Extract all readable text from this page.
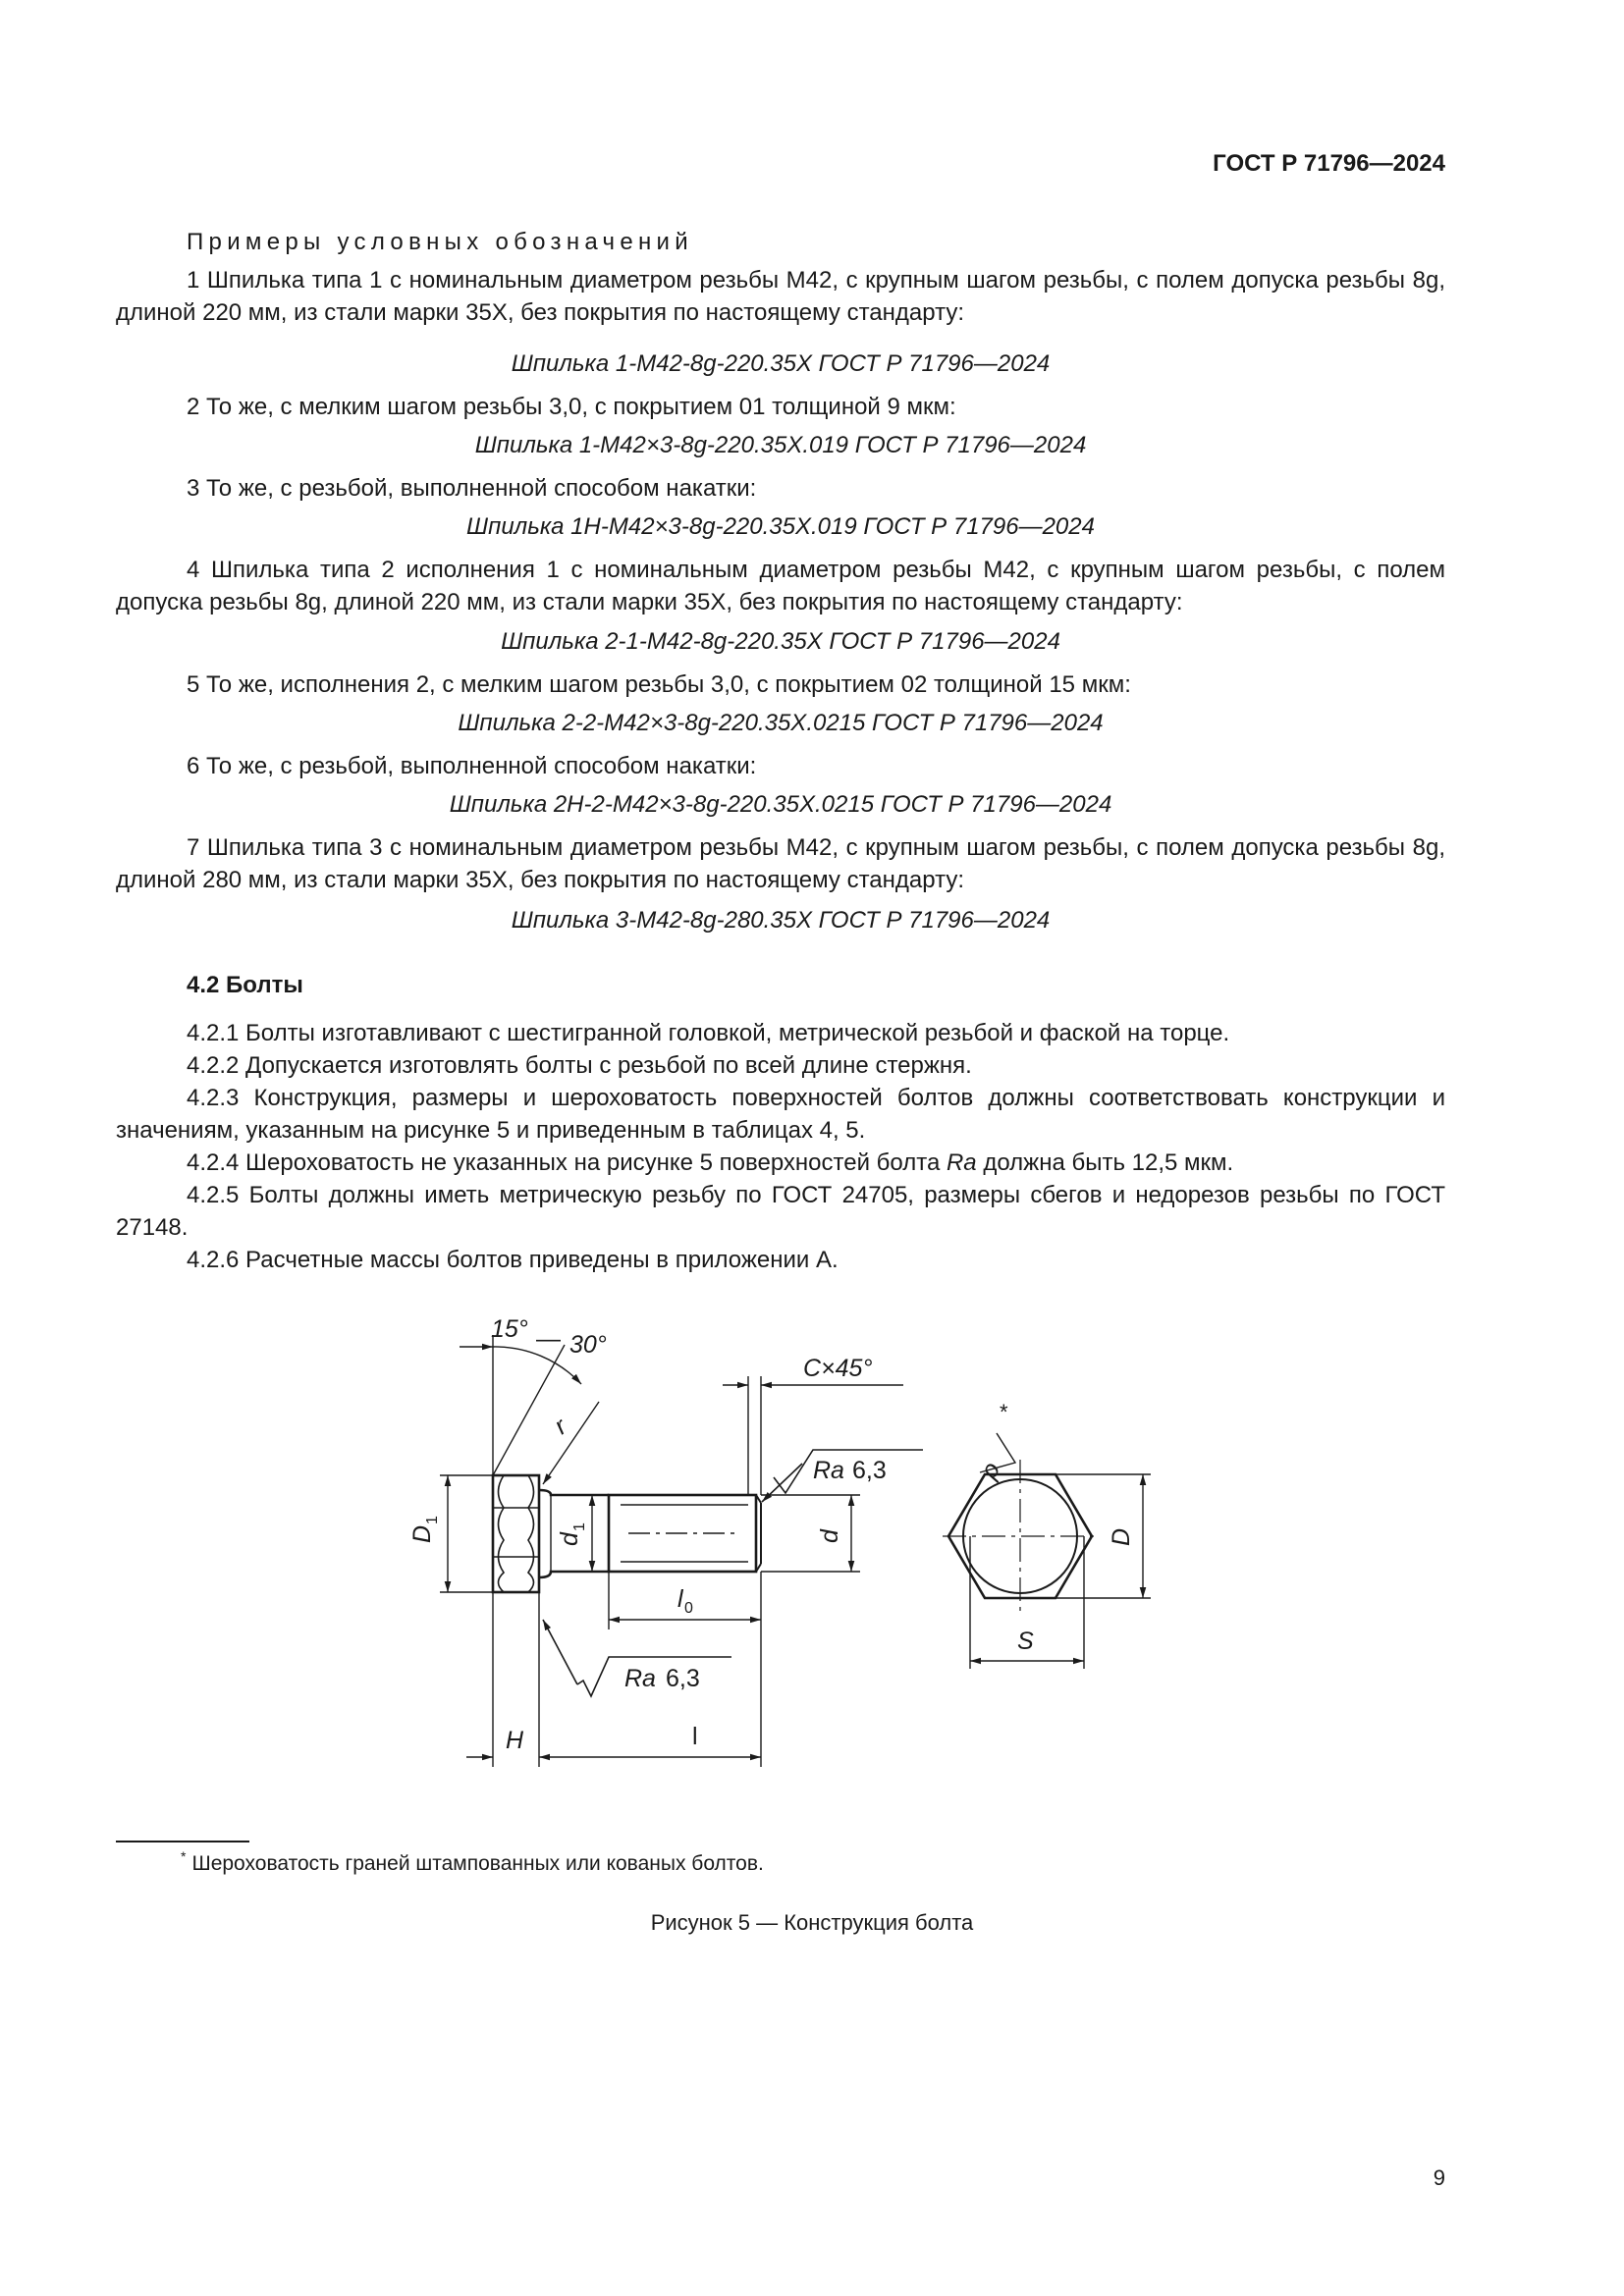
ГОСТ Р 71796—2024
Примеры условных обозначений

1 Шпилька типа 1 с номинальным диаметром резьбы М42, с крупным шагом резьбы, с полем допуска резьбы 8g, длиной 220 мм, из стали марки 35Х, без покрытия по настоящему стандарту:

Шпилька 1-М42-8g-220.35Х ГОСТ Р 71796—2024

2 То же, с мелким шагом резьбы 3,0, с покрытием 01 толщиной 9 мкм:

Шпилька 1-М42×3-8g-220.35Х.019 ГОСТ Р 71796—2024

3 То же, с резьбой, выполненной способом накатки:

Шпилька 1Н-М42×3-8g-220.35Х.019 ГОСТ Р 71796—2024

4 Шпилька типа 2 исполнения 1 с номинальным диаметром резьбы М42, с крупным шагом резьбы, с полем допуска резьбы 8g, длиной 220 мм, из стали марки 35Х, без покрытия по настоящему стандарту:

Шпилька 2-1-М42-8g-220.35Х ГОСТ Р 71796—2024

5 То же, исполнения 2, с мелким шагом резьбы 3,0, с покрытием 02 толщиной 15 мкм:

Шпилька 2-2-М42×3-8g-220.35Х.0215 ГОСТ Р 71796—2024

6 То же, с резьбой, выполненной способом накатки:

Шпилька 2Н-2-М42×3-8g-220.35Х.0215 ГОСТ Р 71796—2024

7 Шпилька типа 3 с номинальным диаметром резьбы М42, с крупным шагом резьбы, с полем допуска резьбы 8g, длиной 280 мм, из стали марки 35Х, без покрытия по настоящему стандарту:

Шпилька 3-М42-8g-280.35Х ГОСТ Р 71796—2024
4.2 Болты

4.2.1 Болты изготавливают с шестигранной головкой, метрической резьбой и фаской на торце.

4.2.2 Допускается изготовлять болты с резьбой по всей длине стержня.

4.2.3 Конструкция, размеры и шероховатость поверхностей болтов должны соответствовать конструкции и значениям, указанным на рисунке 5 и приведенным в таблицах 4, 5.

4.2.4 Шероховатость не указанных на рисунке 5 поверхностей болта Ra должна быть 12,5 мкм.

4.2.5 Болты должны иметь метрическую резьбу по ГОСТ 24705, размеры сбегов и недорезов резьбы по ГОСТ 27148.

4.2.6 Расчетные массы болтов приведены в приложении А.

D
1
d
1
d
l 0
H	l
15° — 30°
r
C×45°
Ra 6,3
Ra 6,3
*
ρ
D
S
* Шероховатость граней штампованных или кованых болтов.
Рисунок 5 — Конструкция болта
9
